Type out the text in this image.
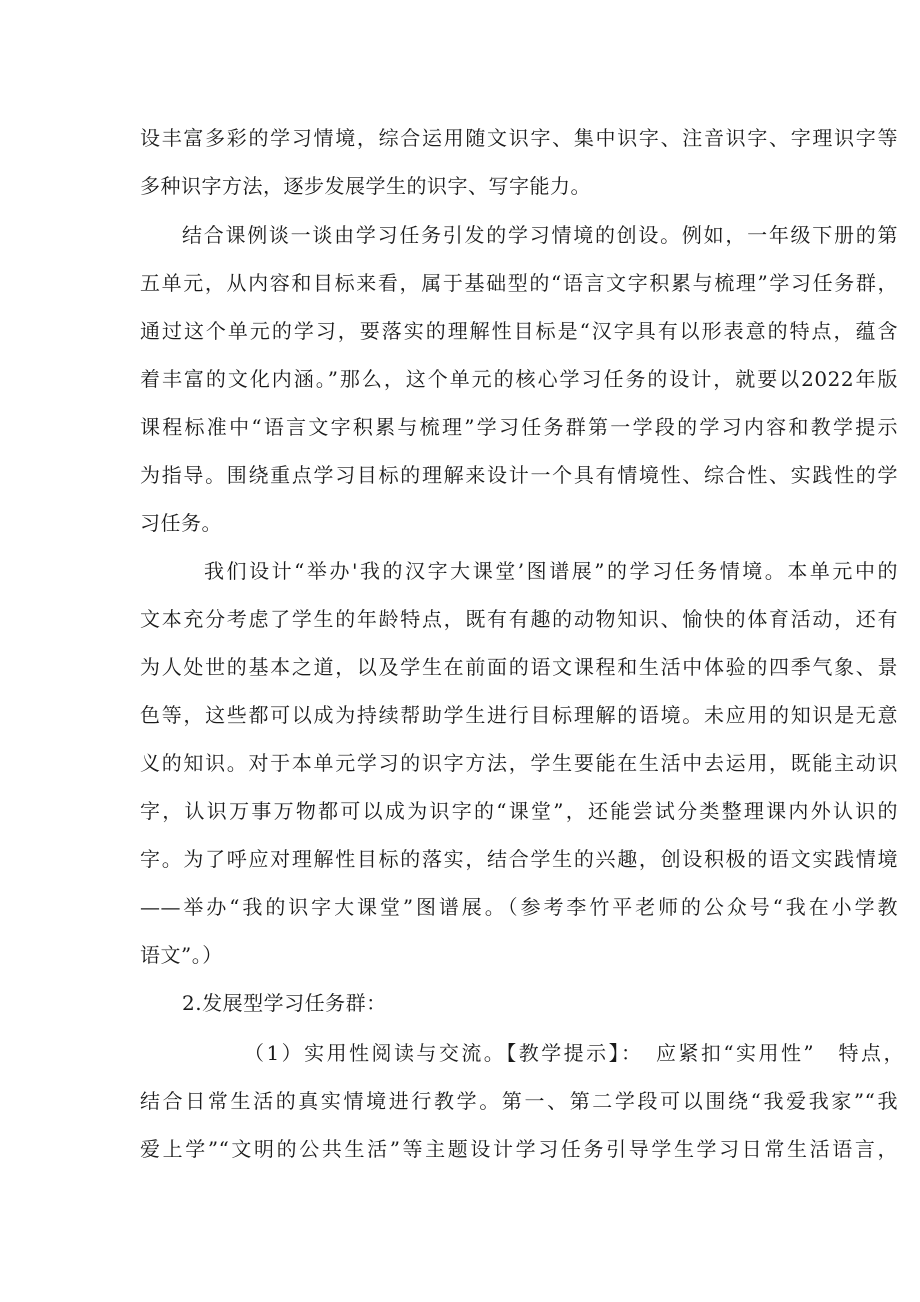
设丰富多彩的学习情境，综合运用随文识字、集中识字、注音识字、字理识字等
多种识字方法，逐步发展学生的识字、写字能力。
结合课例谈一谈由学习任务引发的学习情境的创设。例如，一年级下册的第
五单元，从内容和目标来看，属于基础型的“语言文字积累与梳理”学习任务群，
通过这个单元的学习，要落实的理解性目标是“汉字具有以形表意的特点，蕴含
着丰富的文化内涵。”那么，这个单元的核心学习任务的设计，就要以2022年版
课程标准中“语言文字积累与梳理”学习任务群第一学段的学习内容和教学提示
为指导。围绕重点学习目标的理解来设计一个具有情境性、综合性、实践性的学
习任务。
我们设计“举办'我的汉字大课堂’图谱展”的学习任务情境。本单元中的
文本充分考虑了学生的年龄特点，既有有趣的动物知识、愉快的体育活动，还有
为人处世的基本之道，以及学生在前面的语文课程和生活中体验的四季气象、景
色等，这些都可以成为持续帮助学生进行目标理解的语境。未应用的知识是无意
义的知识。对于本单元学习的识字方法，学生要能在生活中去运用，既能主动识
字，认识万事万物都可以成为识字的“课堂”，还能尝试分类整理课内外认识的
字。为了呼应对理解性目标的落实，结合学生的兴趣，创设积极的语文实践情境
——举办“我的识字大课堂”图谱展。（参考李竹平老师的公众号“我在小学教
语文”。）
2.发展型学习任务群：
（1）实用性阅读与交流。【教学提示】：　应紧扣“实用性”　特点，
结合日常生活的真实情境进行教学。第一、第二学段可以围绕“我爱我家”“我
爱上学”“文明的公共生活”等主题设计学习任务引导学生学习日常生活语言，
